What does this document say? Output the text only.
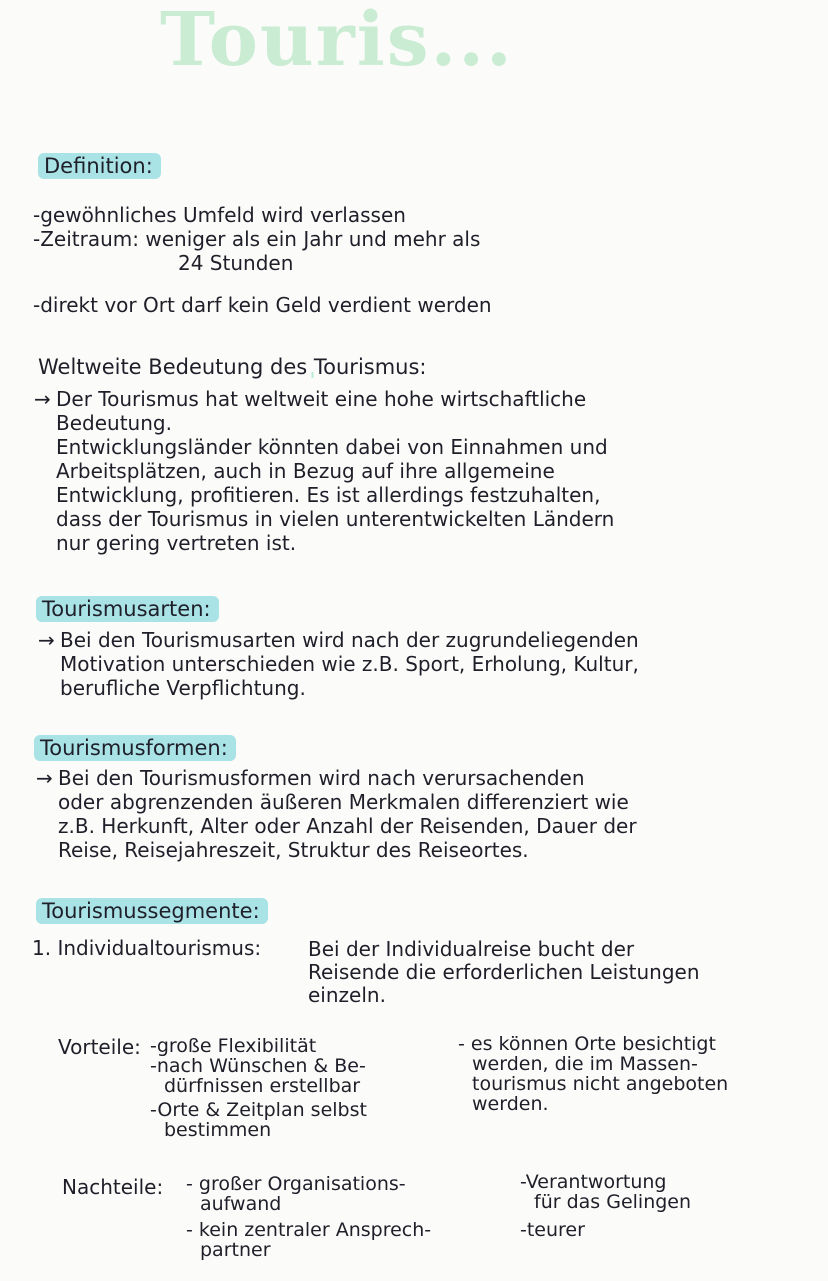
Touris...
Definition:

-gewöhnliches Umfeld wird verlassen

-Zeitraum: weniger als ein Jahr und mehr als

24 Stunden

-direkt vor Ort darf kein Geld verdient werden

Weltweite Bedeutung des Tourismus:

→ Der Tourismus hat weltweit eine hohe wirtschaftliche

Bedeutung.

Entwicklungsländer könnten dabei von Einnahmen und

Arbeitsplätzen, auch in Bezug auf ihre allgemeine

Entwicklung, profitieren. Es ist allerdings festzuhalten,

dass der Tourismus in vielen unterentwickelten Ländern

nur gering vertreten ist.

Tourismusarten:

→ Bei den Tourismusarten wird nach der zugrundeliegenden

Motivation unterschieden wie z.B. Sport, Erholung, Kultur,

berufliche Verpflichtung.

Tourismusformen:

→ Bei den Tourismusformen wird nach verursachenden

oder abgrenzenden äußeren Merkmalen differenziert wie

z.B. Herkunft, Alter oder Anzahl der Reisenden, Dauer der

Reise, Reisejahreszeit, Struktur des Reiseortes.

Tourismussegmente:

1. Individualtourismus: Bei der Individualreise bucht der

Reisende die erforderlichen Leistungen

einzeln.

Vorteile: -große Flexibilität

-nach Wünschen & Be-

dürfnissen erstellbar

-Orte & Zeitplan selbst

bestimmen

- es können Orte besichtigt

werden, die im Massen-

tourismus nicht angeboten

werden.

Nachteile: - großer Organisations-

aufwand

- kein zentraler Ansprech-

partner

-Verantwortung

für das Gelingen

-teurer
